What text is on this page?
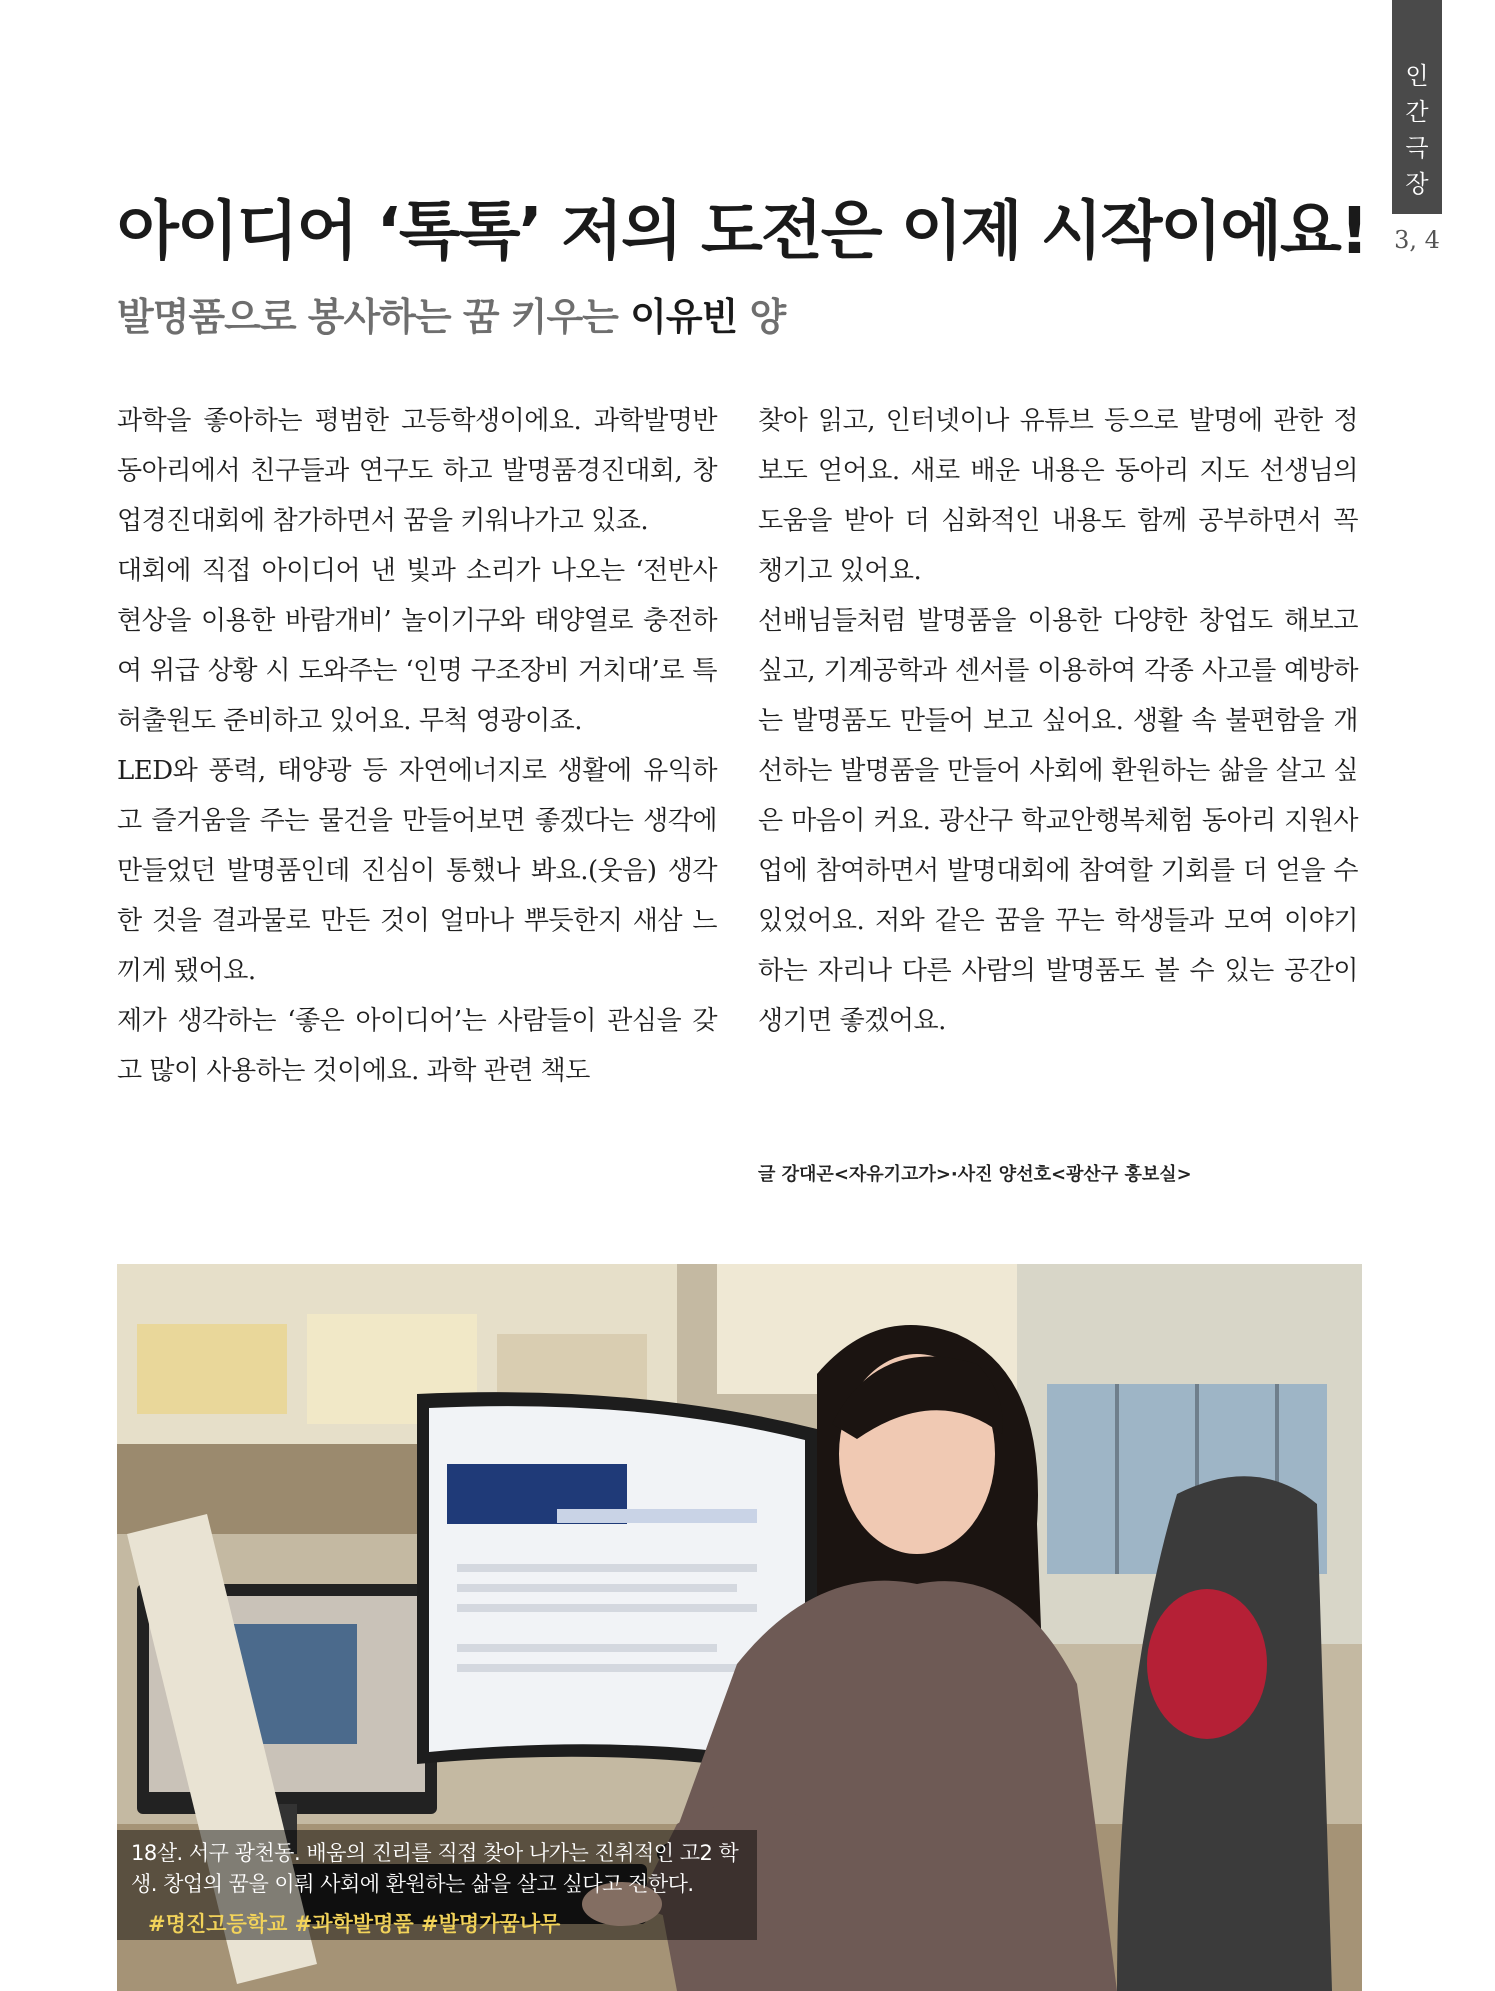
인
간
극
장
3, 4
아이디어 ‘톡톡’ 저의 도전은 이제 시작이에요!
발명품으로 봉사하는 꿈 키우는 이유빈 양

과학을 좋아하는 평범한 고등학생이에요. 과학발명반 동아리에서 친구들과 연구도 하고 발명품경진대회, 창업경진대회에 참가하면서 꿈을 키워나가고 있죠.

대회에 직접 아이디어 낸 빛과 소리가 나오는 ‘전반사 현상을 이용한 바람개비’ 놀이기구와 태양열로 충전하여 위급 상황 시 도와주는 ‘인명 구조장비 거치대’로 특허출원도 준비하고 있어요. 무척 영광이죠.

LED와 풍력, 태양광 등 자연에너지로 생활에 유익하고 즐거움을 주는 물건을 만들어보면 좋겠다는 생각에 만들었던 발명품인데 진심이 통했나 봐요.(웃음) 생각한 것을 결과물로 만든 것이 얼마나 뿌듯한지 새삼 느끼게 됐어요.

제가 생각하는 ‘좋은 아이디어’는 사람들이 관심을 갖고 많이 사용하는 것이에요. 과학 관련 책도

찾아 읽고, 인터넷이나 유튜브 등으로 발명에 관한 정보도 얻어요. 새로 배운 내용은 동아리 지도 선생님의 도움을 받아 더 심화적인 내용도 함께 공부하면서 꼭 챙기고 있어요.

선배님들처럼 발명품을 이용한 다양한 창업도 해보고 싶고, 기계공학과 센서를 이용하여 각종 사고를 예방하는 발명품도 만들어 보고 싶어요. 생활 속 불편함을 개선하는 발명품을 만들어 사회에 환원하는 삶을 살고 싶은 마음이 커요. 광산구 학교안행복체험 동아리 지원사업에 참여하면서 발명대회에 참여할 기회를 더 얻을 수 있었어요. 저와 같은 꿈을 꾸는 학생들과 모여 이야기하는 자리나 다른 사람의 발명품도 볼 수 있는 공간이 생기면 좋겠어요.

글 강대곤<자유기고가>·사진 양선호<광산구 홍보실>

18살. 서구 광천동. 배움의 진리를 직접 찾아 나가는 진취적인 고2 학생. 창업의 꿈을 이뤄 사회에 환원하는 삶을 살고 싶다고 전한다.

#명진고등학교 #과학발명품 #발명가꿈나무
